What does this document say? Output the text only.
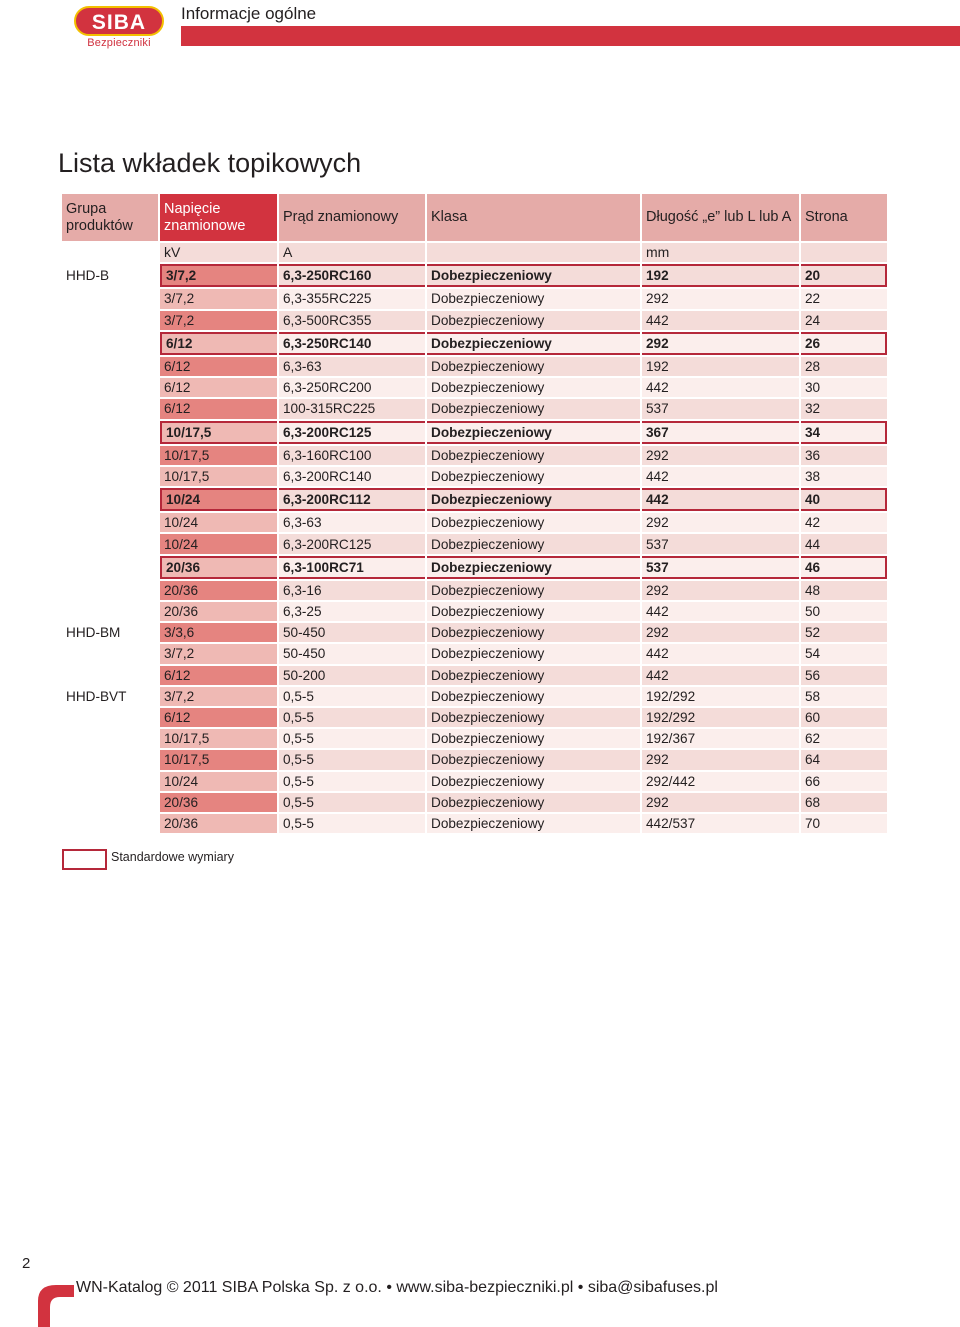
SIBA
Bezpieczniki
Informacje ogólne
Lista wkładek topikowych
Grupa produktów	Napięcie znamionowe	Prąd znamionowy	Klasa	Długość „e” lub L lub A	Strona
	kV	A		mm	
HHD-B	3/7,2	6,3-250RC160	Dobezpieczeniowy	192	20
	3/7,2	6,3-355RC225	Dobezpieczeniowy	292	22
	3/7,2	6,3-500RC355	Dobezpieczeniowy	442	24
	6/12	6,3-250RC140	Dobezpieczeniowy	292	26
	6/12	6,3-63	Dobezpieczeniowy	192	28
	6/12	6,3-250RC200	Dobezpieczeniowy	442	30
	6/12	100-315RC225	Dobezpieczeniowy	537	32
	10/17,5	6,3-200RC125	Dobezpieczeniowy	367	34
	10/17,5	6,3-160RC100	Dobezpieczeniowy	292	36
	10/17,5	6,3-200RC140	Dobezpieczeniowy	442	38
	10/24	6,3-200RC112	Dobezpieczeniowy	442	40
	10/24	6,3-63	Dobezpieczeniowy	292	42
	10/24	6,3-200RC125	Dobezpieczeniowy	537	44
	20/36	6,3-100RC71	Dobezpieczeniowy	537	46
	20/36	6,3-16	Dobezpieczeniowy	292	48
	20/36	6,3-25	Dobezpieczeniowy	442	50
HHD-BM	3/3,6	50-450	Dobezpieczeniowy	292	52
	3/7,2	50-450	Dobezpieczeniowy	442	54
	6/12	50-200	Dobezpieczeniowy	442	56
HHD-BVT	3/7,2	0,5-5	Dobezpieczeniowy	192/292	58
	6/12	0,5-5	Dobezpieczeniowy	192/292	60
	10/17,5	0,5-5	Dobezpieczeniowy	192/367	62
	10/17,5	0,5-5	Dobezpieczeniowy	292	64
	10/24	0,5-5	Dobezpieczeniowy	292/442	66
	20/36	0,5-5	Dobezpieczeniowy	292	68
	20/36	0,5-5	Dobezpieczeniowy	442/537	70
Standardowe wymiary
2
WN-Katalog © 2011 SIBA Polska Sp. z o.o. • www.siba-bezpieczniki.pl • siba@sibafuses.pl
